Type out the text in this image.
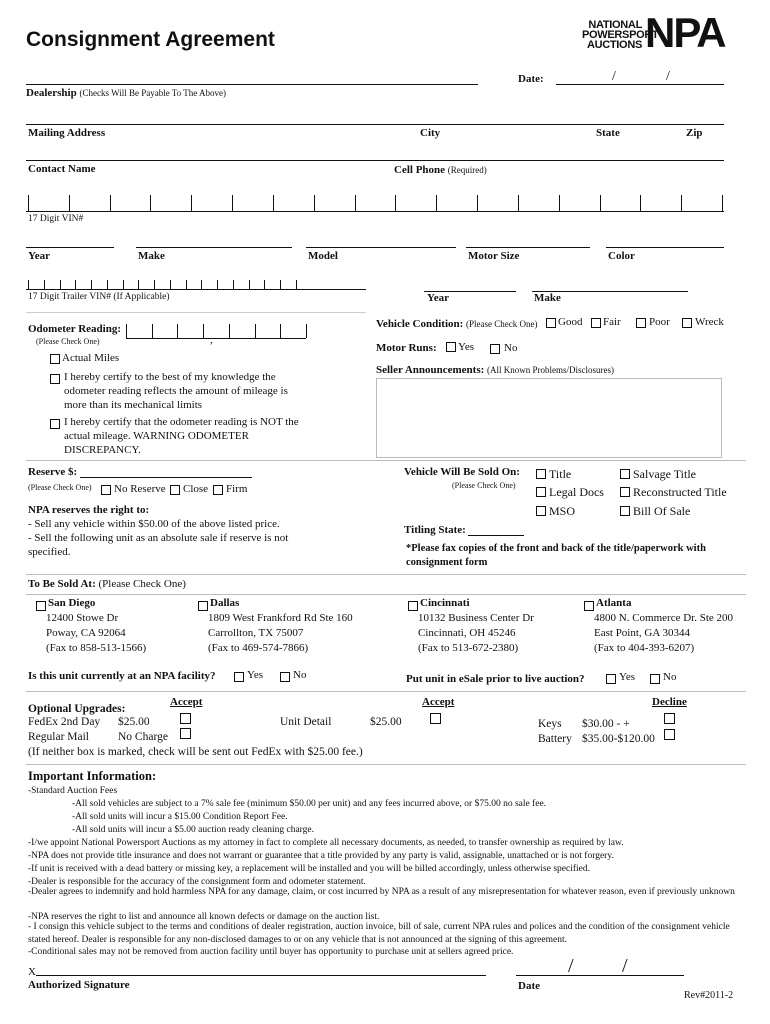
Consignment Agreement
NATIONAL
POWERSPORT
AUCTIONS NPA
Date:	/	/
Dealership (Checks Will Be Payable To The Above)
Mailing Address	City	State	Zip
Contact Name	Cell Phone (Required)
17 Digit VIN#
Year	Make	Model	Motor Size	Color
17 Digit Trailer VIN# (If Applicable)	Year	Make
Odometer Reading:
(Please Check One)	,
Actual Miles
I hereby certify to the best of my knowledge the odometer reading reflects the amount of mileage is more than its mechanical limits
I hereby certify that the odometer reading is NOT the actual mileage. WARNING ODOMETER DISCREPANCY.
Vehicle Condition: (Please Check One) Good Fair	Poor Wreck
Motor Runs: Yes	No
Seller Announcements: (All Known Problems/Disclosures)
Reserve $:
(Please Check One) No Reserve Close Firm
NPA reserves the right to:
- Sell any vehicle within $50.00 of the above listed price.
- Sell the following unit as an absolute sale if reserve is not
specified.
Vehicle Will Be Sold On:
(Please Check One)
Title	Salvage Title
Legal Docs Reconstructed Title
MSO	Bill Of Sale
Titling State:
*Please fax copies of the front and back of the title/paperwork with consignment form
To Be Sold At: (Please Check One)
San Diego
12400 Stowe Dr
Poway, CA 92064
(Fax to 858-513-1566)
Dallas
1809 West Frankford Rd Ste 160
Carrollton, TX 75007
(Fax to 469-574-7866)
Cincinnati
10132 Business Center Dr
Cincinnati, OH 45246
(Fax to 513-672-2380)
Atlanta
4800 N. Commerce Dr. Ste 200
East Point, GA 30344
(Fax to 404-393-6207)
Is this unit currently at an NPA facility?	Yes	No	Put unit in eSale prior to live auction?	Yes	No
Accept	Accept	Decline
Optional Upgrades:
FedEx 2nd Day $25.00	Unit Detail	$25.00	Keys $30.00 - +
Regular Mail	No Charge	Battery $35.00-$120.00
(If neither box is marked, check will be sent out FedEx with $25.00 fee.)
Important Information:
-Standard Auction Fees
-All sold vehicles are subject to a 7% sale fee (minimum $50.00 per unit) and any fees incurred above, or $75.00 no sale fee.
-All sold units will incur a $15.00 Condition Report Fee.
-All sold units will incur a $5.00 auction ready cleaning charge.
-I/we appoint National Powersport Auctions as my attorney in fact to complete all necessary documents, as needed, to transfer ownership as required by law.
-NPA does not provide title insurance and does not warrant or guarantee that a title provided by any party is valid, assignable, unattached or is not forgery.
-If unit is received with a dead battery or missing key, a replacement will be installed and you will be billed accordingly, unless otherwise specified.
-Dealer is responsible for the accuracy of the consignment form and odometer statement.
-Dealer agrees to indemnify and hold harmless NPA for any damage, claim, or cost incurred by NPA as a result of any misrepresentation for whatever reason, even if previously unknown
-NPA reserves the right to list and announce all known defects or damage on the auction list.
- I consign this vehicle subject to the terms and conditions of dealer registration, auction invoice, bill of sale, current NPA rules and polices and the condition of the consignment vehicle stated hereof. Dealer is responsible for any non-disclosed damages to or on any vehicle that is not announced at the signing of this agreement.
-Conditional sales may not be removed from auction facility until buyer has opportunity to purchase unit at sellers agreed price.
X
Authorized Signature
/ /
Date
Rev#2011-2
